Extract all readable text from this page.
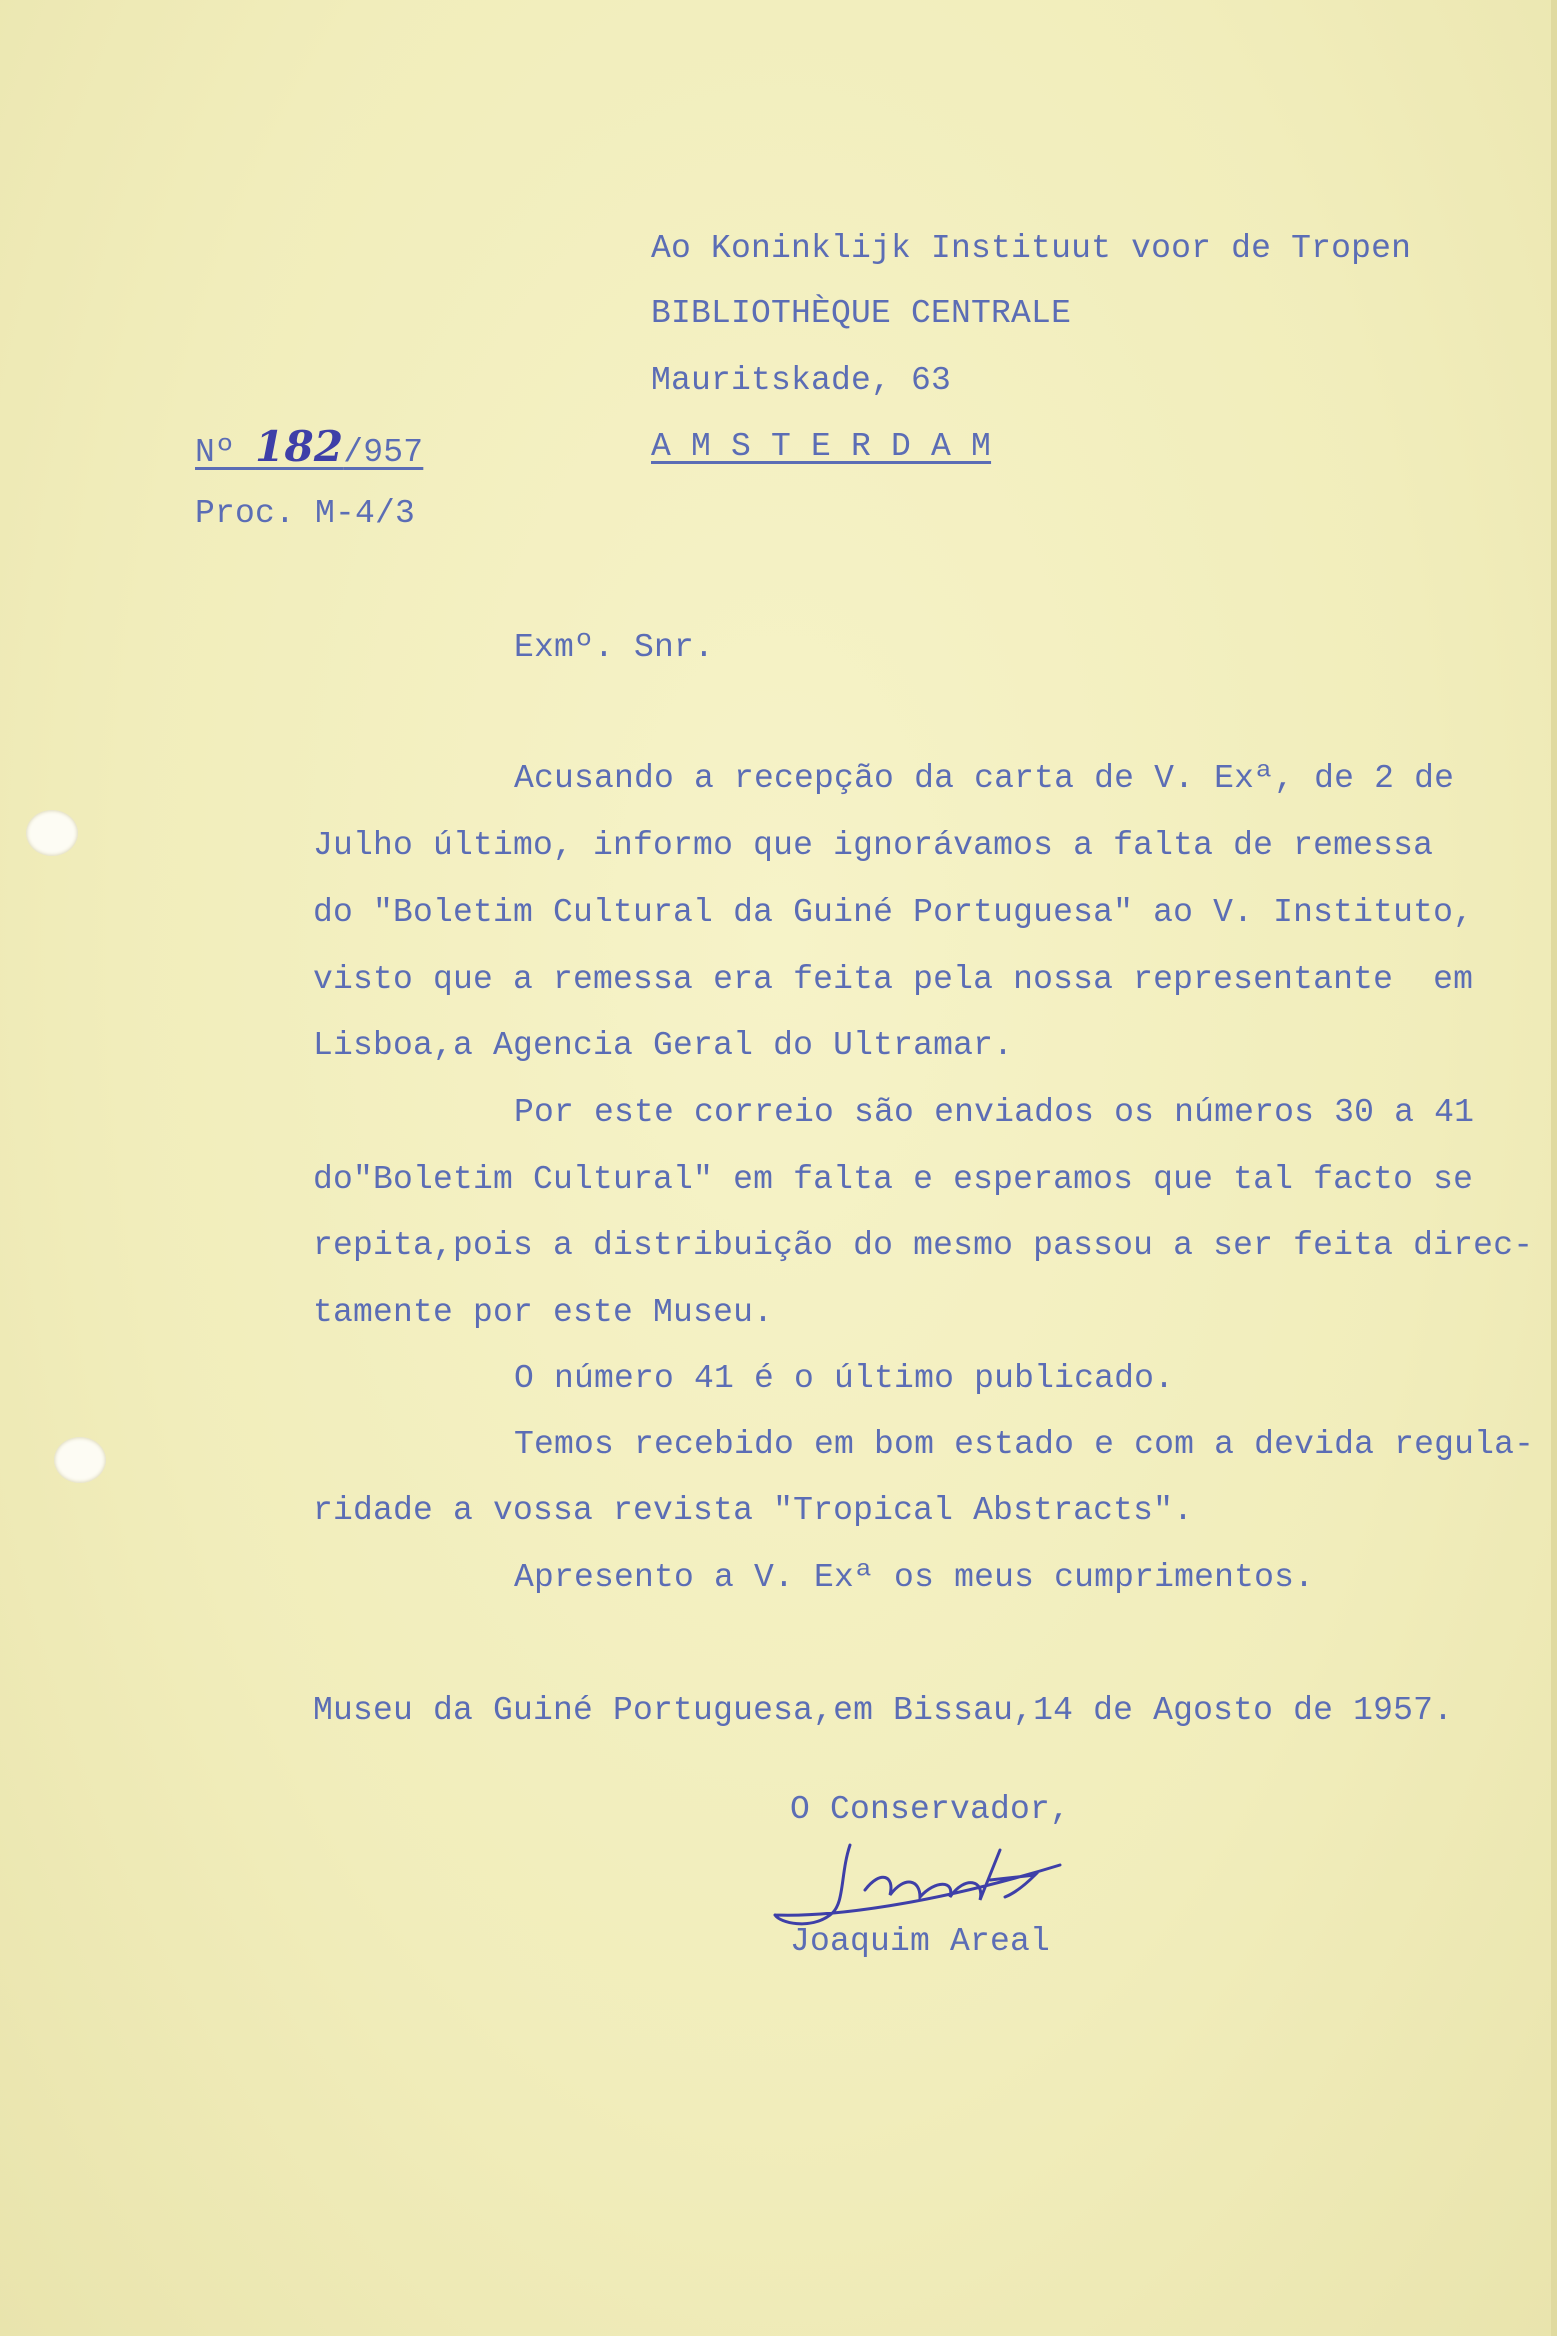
Ao Koninklijk Instituut voor de Tropen
BIBLIOTHÈQUE CENTRALE
Mauritskade, 63
A M S T E R D A M
Nº 182/957
Proc. M-4/3
Exmº. Snr.
Acusando a recepção da carta de V. Exª, de 2 de
Julho último, informo que ignorávamos a falta de remessa
do "Boletim Cultural da Guiné Portuguesa" ao V. Instituto,
visto que a remessa era feita pela nossa representante  em
Lisboa,a Agencia Geral do Ultramar.
Por este correio são enviados os números 30 a 41
do"Boletim Cultural" em falta e esperamos que tal facto se
repita,pois a distribuição do mesmo passou a ser feita direc-
tamente por este Museu.
O número 41 é o último publicado.
Temos recebido em bom estado e com a devida regula-
ridade a vossa revista "Tropical Abstracts".
Apresento a V. Exª os meus cumprimentos.
Museu da Guiné Portuguesa,em Bissau,14 de Agosto de 1957.
O Conservador,
Joaquim Areal
